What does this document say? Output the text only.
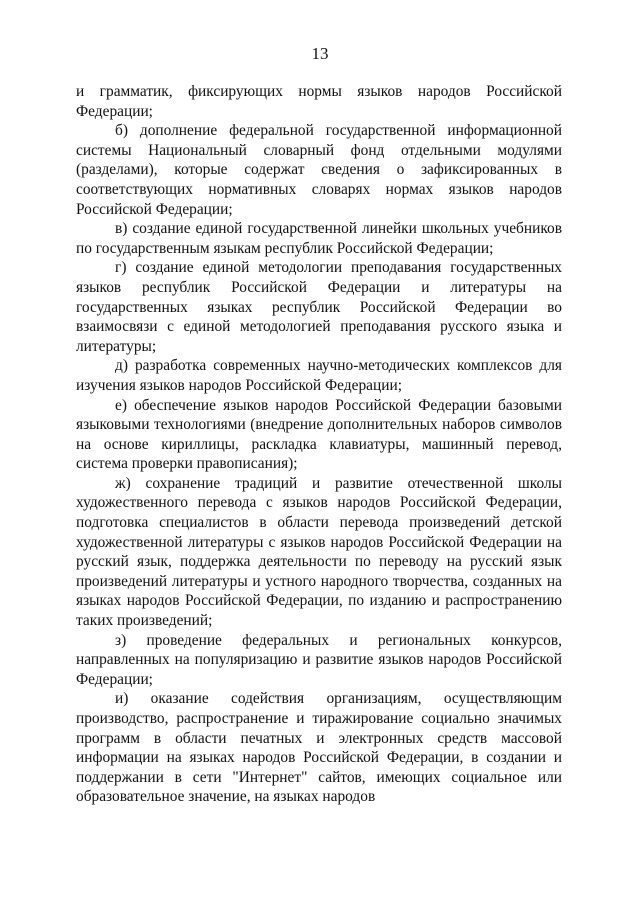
13

и грамматик, фиксирующих нормы языков народов Российской Федерации;

б) дополнение федеральной государственной информационной системы Национальный словарный фонд отдельными модулями (разделами), которые содержат сведения о зафиксированных в соответствующих нормативных словарях нормах языков народов Российской Федерации;

в) создание единой государственной линейки школьных учебников по государственным языкам республик Российской Федерации;

г) создание единой методологии преподавания государственных языков республик Российской Федерации и литературы на государственных языках республик Российской Федерации во взаимосвязи с единой методологией преподавания русского языка и литературы;

д) разработка современных научно-методических комплексов для изучения языков народов Российской Федерации;

е) обеспечение языков народов Российской Федерации базовыми языковыми технологиями (внедрение дополнительных наборов символов на основе кириллицы, раскладка клавиатуры, машинный перевод, система проверки правописания);

ж) сохранение традиций и развитие отечественной школы художественного перевода с языков народов Российской Федерации, подготовка специалистов в области перевода произведений детской художественной литературы с языков народов Российской Федерации на русский язык, поддержка деятельности по переводу на русский язык произведений литературы и устного народного творчества, созданных на языках народов Российской Федерации, по изданию и распространению таких произведений;

з) проведение федеральных и региональных конкурсов, направленных на популяризацию и развитие языков народов Российской Федерации;

и) оказание содействия организациям, осуществляющим производство, распространение и тиражирование социально значимых программ в области печатных и электронных средств массовой информации на языках народов Российской Федерации, в создании и поддержании в сети "Интернет" сайтов, имеющих социальное или образовательное значение, на языках народов
